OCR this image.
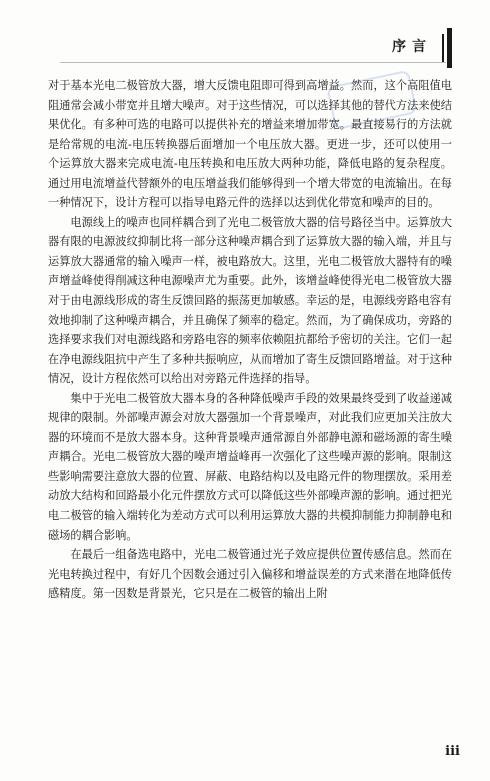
序言

对于基本光电二极管放大器，增大反馈电阻即可得到高增益。然而，这个高阻值电阻通常会减小带宽并且增大噪声。对于这些情况，可以选择其他的替代方法来使结果优化。有多种可选的电路可以提供补充的增益来增加带宽。最直接易行的方法就是给常规的电流-电压转换器后面增加一个电压放大器。更进一步，还可以使用一个运算放大器来完成电流-电压转换和电压放大两种功能，降低电路的复杂程度。通过用电流增益代替额外的电压增益我们能够得到一个增大带宽的电流输出。在每一种情况下，设计方程可以指导电路元件的选择以达到优化带宽和噪声的目的。

电源线上的噪声也同样耦合到了光电二极管放大器的信号路径当中。运算放大器有限的电源波纹抑制比将一部分这种噪声耦合到了运算放大器的输入端，并且与运算放大器通常的输入噪声一样，被电路放大。这里，光电二极管放大器特有的噪声增益峰使得削减这种电源噪声尤为重要。此外，该增益峰使得光电二极管放大器对于由电源线形成的寄生反馈回路的振荡更加敏感。幸运的是，电源线旁路电容有效地抑制了这种噪声耦合，并且确保了频率的稳定。然而，为了确保成功，旁路的选择要求我们对电源线路和旁路电容的频率依赖阻抗都给予密切的关注。它们一起在净电源线阻抗中产生了多种共振响应，从而增加了寄生反馈回路增益。对于这种情况，设计方程依然可以给出对旁路元件选择的指导。

集中于光电二极管放大器本身的各种降低噪声手段的效果最终受到了收益递减规律的限制。外部噪声源会对放大器强加一个背景噪声，对此我们应更加关注放大器的环境而不是放大器本身。这种背景噪声通常源自外部静电源和磁场源的寄生噪声耦合。光电二极管放大器的噪声增益峰再一次强化了这些噪声源的影响。限制这些影响需要注意放大器的位置、屏蔽、电路结构以及电路元件的物理摆放。采用差动放大结构和回路最小化元件摆放方式可以降低这些外部噪声源的影响。通过把光电二极管的输入端转化为差动方式可以利用运算放大器的共模抑制能力抑制静电和磁场的耦合影响。

在最后一组备选电路中，光电二极管通过光子效应提供位置传感信息。然而在光电转换过程中，有好几个因数会通过引入偏移和增益误差的方式来潜在地降低传感精度。第一因数是背景光，它只是在二极管的输出上附

iii
